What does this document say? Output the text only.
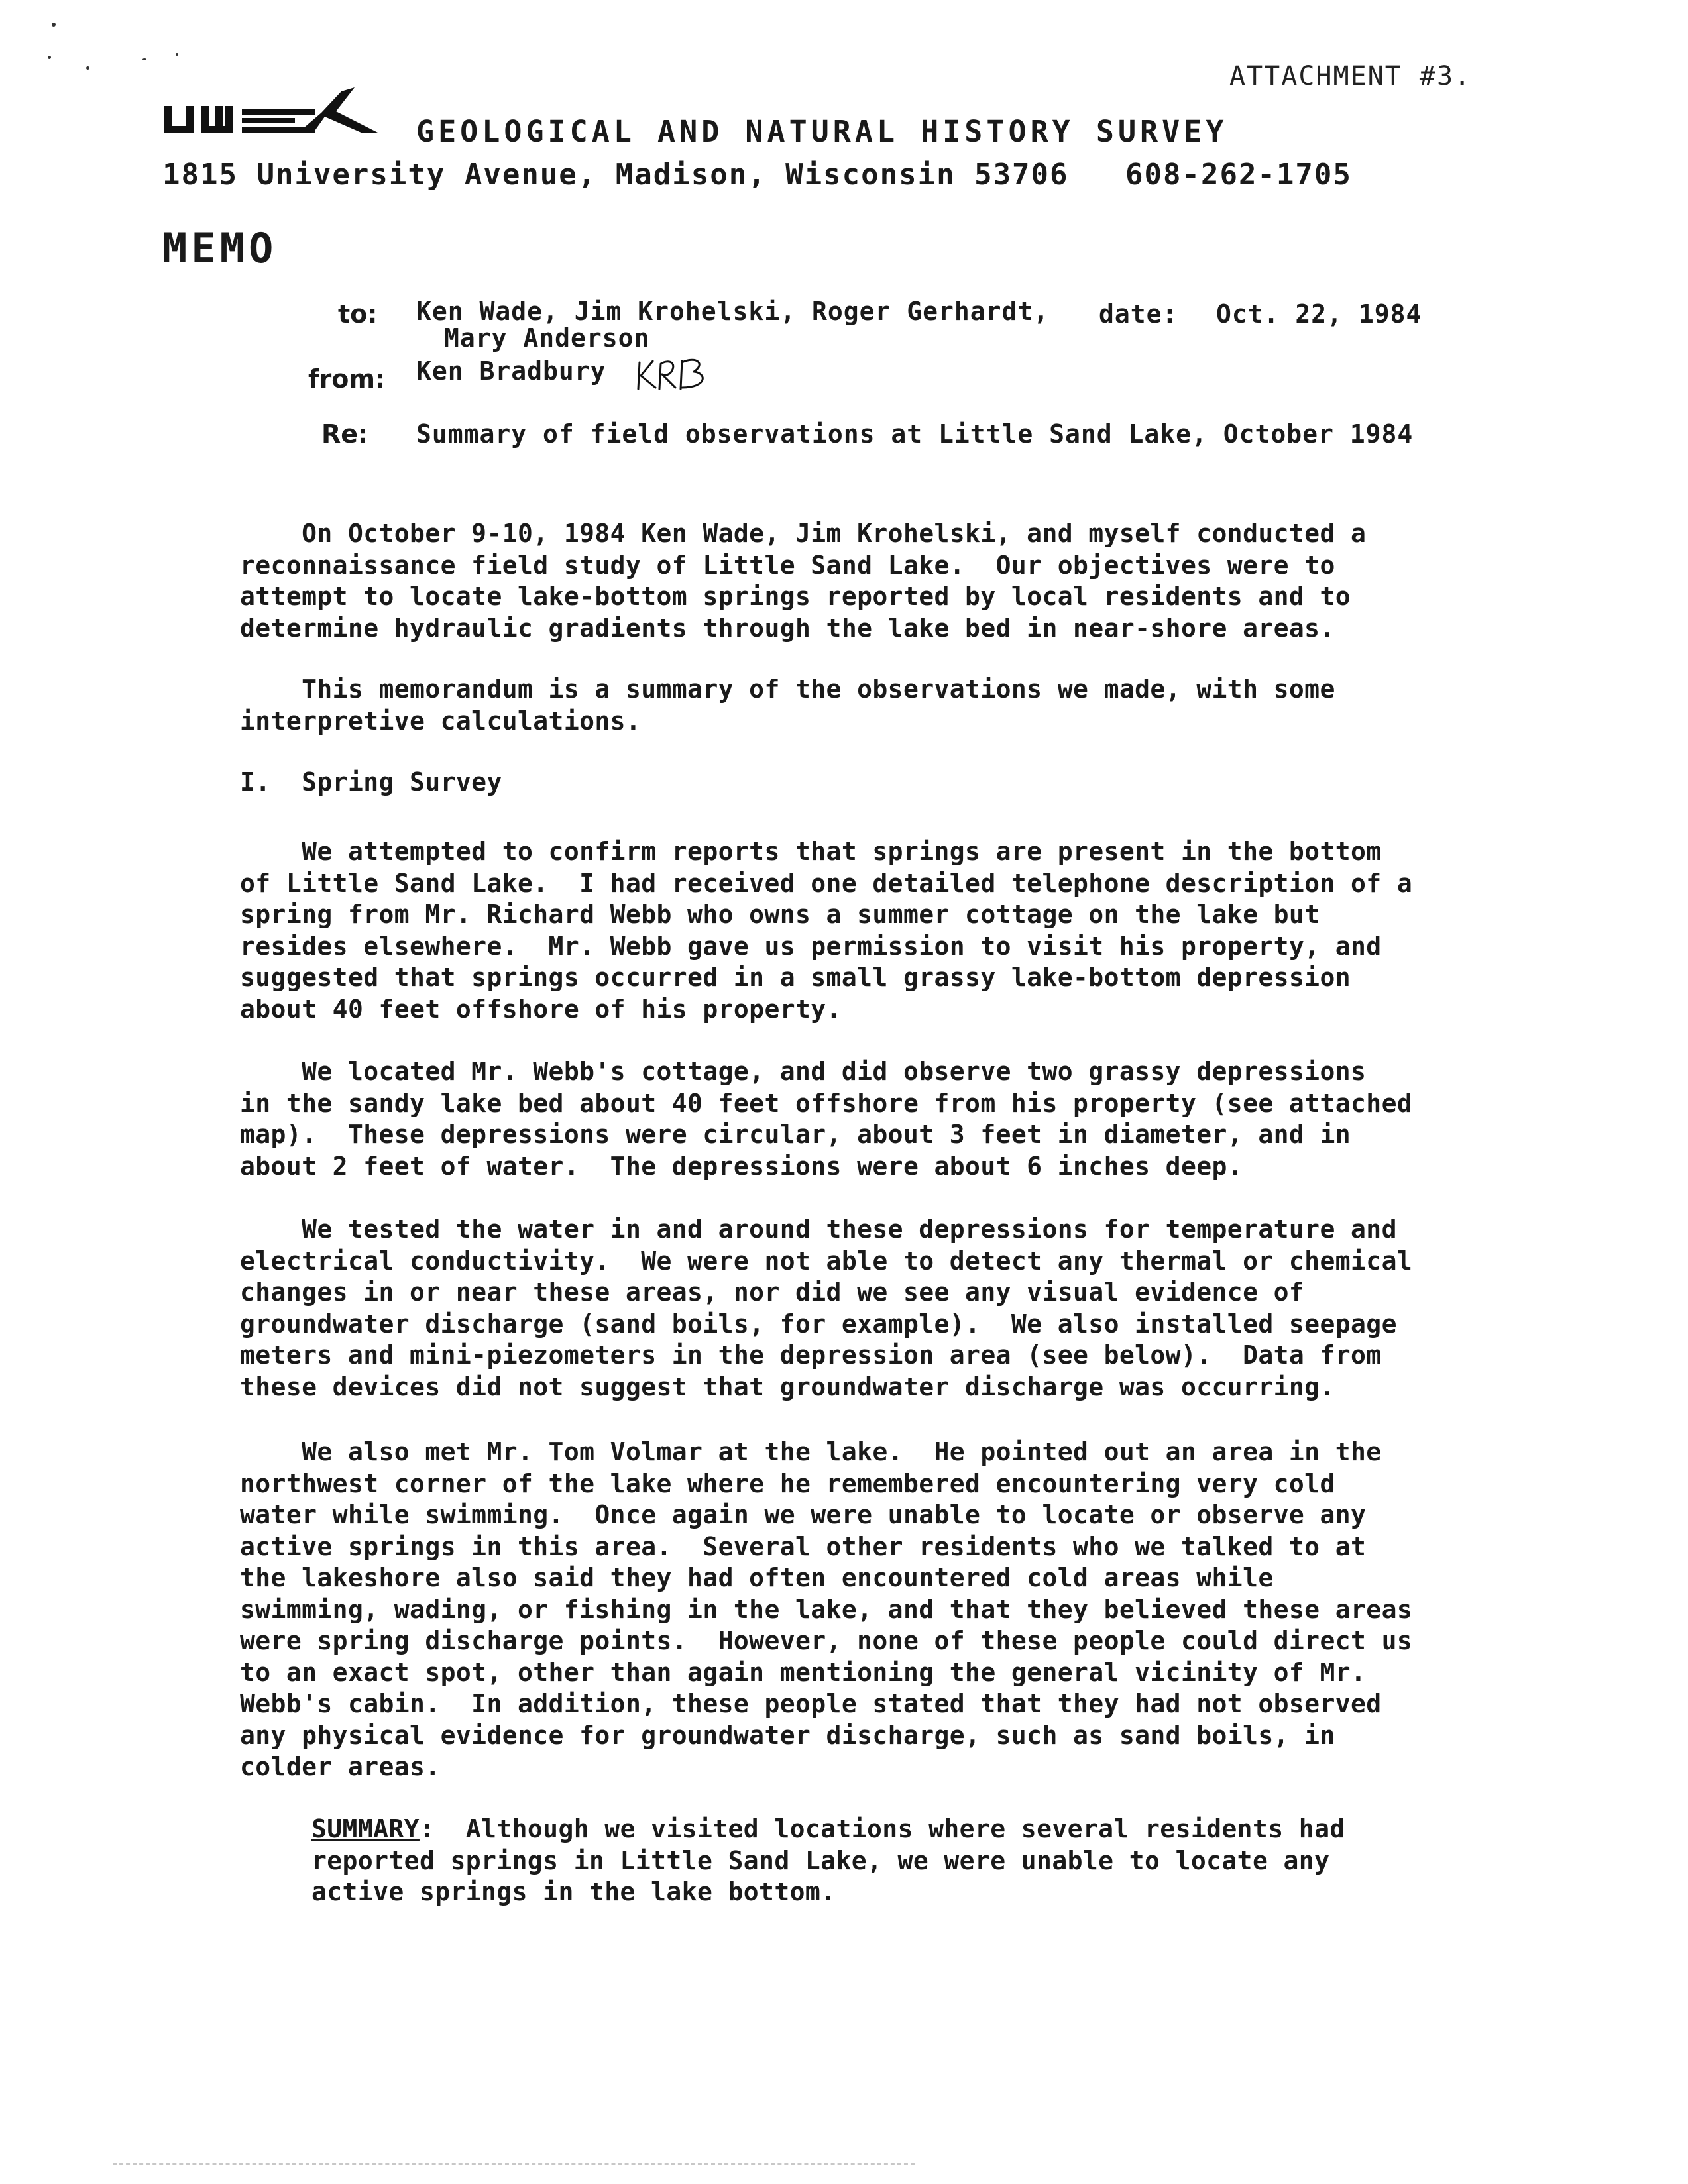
ATTACHMENT #3.
GEOLOGICAL AND NATURAL HISTORY SURVEY
1815 University Avenue, Madison, Wisconsin 53706   608-262-1705
MEMO
to: Ken Wade, Jim Krohelski, Roger Gerhardt, date: Oct. 22, 1984
Mary Anderson
from: Ken Bradbury
Re: Summary of field observations at Little Sand Lake, October 1984
On October 9-10, 1984 Ken Wade, Jim Krohelski, and myself conducted a
reconnaissance field study of Little Sand Lake.  Our objectives were to
attempt to locate lake-bottom springs reported by local residents and to
determine hydraulic gradients through the lake bed in near-shore areas.
This memorandum is a summary of the observations we made, with some
interpretive calculations.
I.  Spring Survey
We attempted to confirm reports that springs are present in the bottom
of Little Sand Lake.  I had received one detailed telephone description of a
spring from Mr. Richard Webb who owns a summer cottage on the lake but
resides elsewhere.  Mr. Webb gave us permission to visit his property, and
suggested that springs occurred in a small grassy lake-bottom depression
about 40 feet offshore of his property.
We located Mr. Webb's cottage, and did observe two grassy depressions
in the sandy lake bed about 40 feet offshore from his property (see attached
map).  These depressions were circular, about 3 feet in diameter, and in
about 2 feet of water.  The depressions were about 6 inches deep.
We tested the water in and around these depressions for temperature and
electrical conductivity.  We were not able to detect any thermal or chemical
changes in or near these areas, nor did we see any visual evidence of
groundwater discharge (sand boils, for example).  We also installed seepage
meters and mini-piezometers in the depression area (see below).  Data from
these devices did not suggest that groundwater discharge was occurring.
We also met Mr. Tom Volmar at the lake.  He pointed out an area in the
northwest corner of the lake where he remembered encountering very cold
water while swimming.  Once again we were unable to locate or observe any
active springs in this area.  Several other residents who we talked to at
the lakeshore also said they had often encountered cold areas while
swimming, wading, or fishing in the lake, and that they believed these areas
were spring discharge points.  However, none of these people could direct us
to an exact spot, other than again mentioning the general vicinity of Mr.
Webb's cabin.  In addition, these people stated that they had not observed
any physical evidence for groundwater discharge, such as sand boils, in
colder areas.
SUMMARY:  Although we visited locations where several residents had
reported springs in Little Sand Lake, we were unable to locate any
active springs in the lake bottom.
